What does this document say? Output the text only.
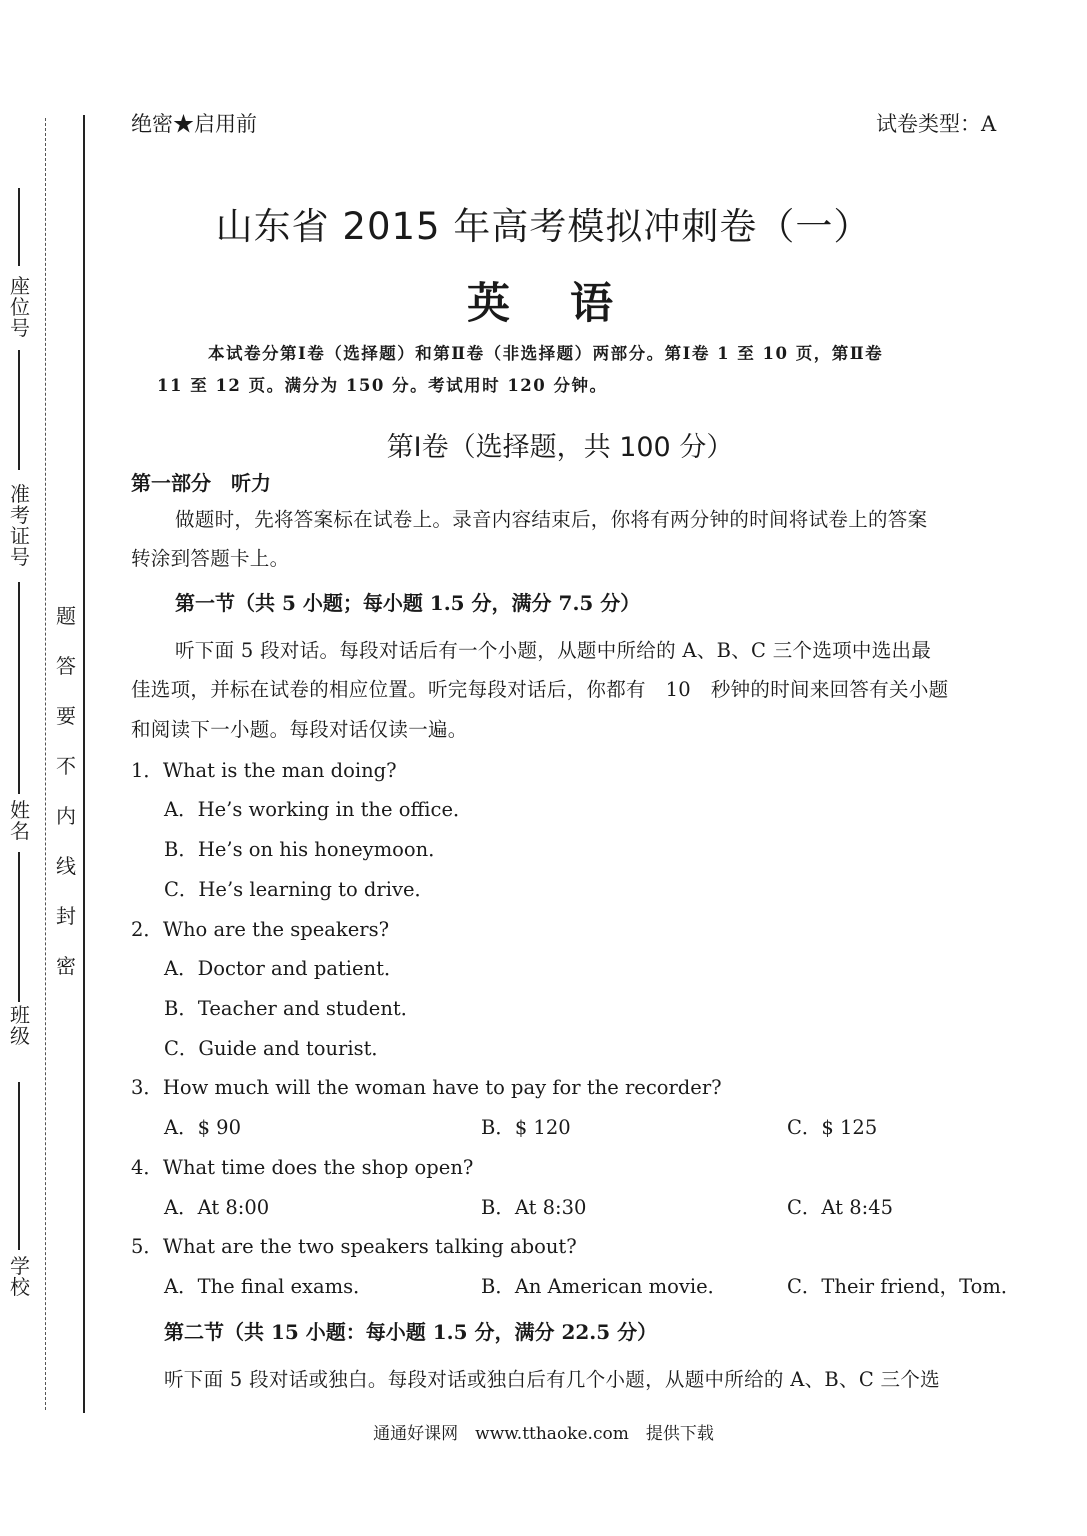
座位号
准考证号
姓名
班级
学校
题
答
要
不
内
线
封
密
绝密★启用前	试卷类型：A
山东省 2015 年高考模拟冲刺卷（一）
英语
本试卷分第Ⅰ卷（选择题）和第Ⅱ卷（非选择题）两部分。第Ⅰ卷 1 至 10 页，第Ⅱ卷
11 至 12 页。满分为 150 分。考试用时 120 分钟。
第Ⅰ卷（选择题，共 100 分）
第一部分　听力
做题时，先将答案标在试卷上。录音内容结束后，你将有两分钟的时间将试卷上的答案
转涂到答题卡上。
第一节（共 5 小题；每小题 1.5 分，满分 7.5 分）
听下面 5 段对话。每段对话后有一个小题，从题中所给的 A、B、C 三个选项中选出最
佳选项，并标在试卷的相应位置。听完每段对话后，你都有　10　秒钟的时间来回答有关小题
和阅读下一小题。每段对话仅读一遍。
1．What is the man doing?
A．He’s working in the office．
B．He’s on his honeymoon．
C．He’s learning to drive．
2．Who are the speakers?
A．Doctor and patient．
B．Teacher and student．
C．Guide and tourist．
3．How much will the woman have to pay for the recorder?
A．$ 90	B．$ 120	C．$ 125
4．What time does the shop open?
A．At 8:00	B．At 8:30	C．At 8:45
5．What are the two speakers talking about?
A．The final exams．	B．An American movie．	C．Their friend，Tom．
第二节（共 15 小题：每小题 1.5 分，满分 22.5 分）
听下面 5 段对话或独白。每段对话或独白后有几个小题，从题中所给的 A、B、C 三个选
通通好课网　www.tthaoke.com　提供下载
